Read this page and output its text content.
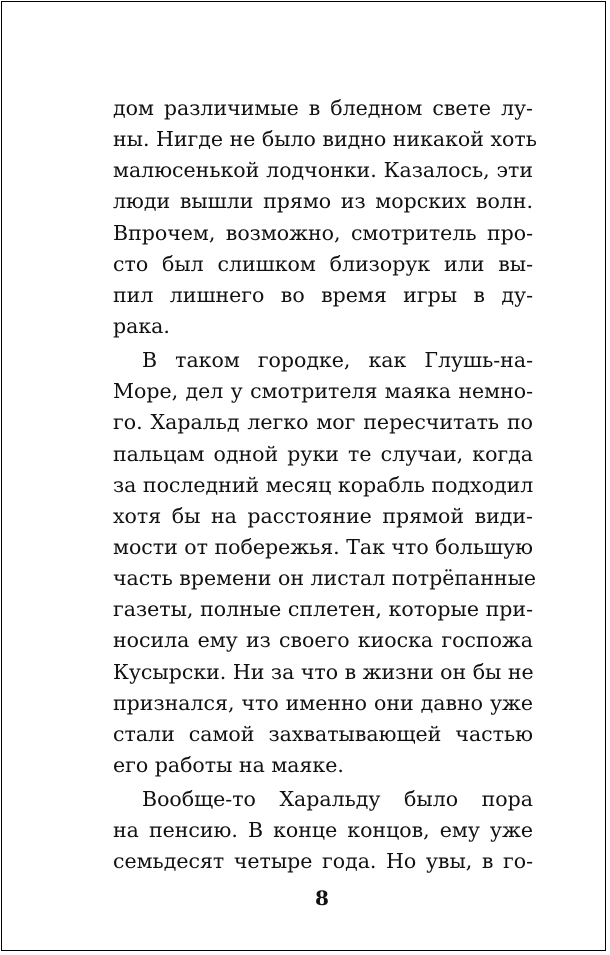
дом различимые в бледном свете лу-
ны. Нигде не было видно никакой хоть
малюсенькой лодчонки. Казалось, эти
люди вышли прямо из морских волн.
Впрочем, возможно, смотритель про-
сто был слишком близорук или вы-
пил лишнего во время игры в ду-
рака.
В таком городке, как Глушь-на-
Море, дел у смотрителя маяка немно-
го. Харальд легко мог пересчитать по
пальцам одной руки те случаи, когда
за последний месяц корабль подходил
хотя бы на расстояние прямой види-
мости от побережья. Так что большую
часть времени он листал потрёпанные
газеты, полные сплетен, которые при-
носила ему из своего киоска госпожа
Кусырски. Ни за что в жизни он бы не
признался, что именно они давно уже
стали самой захватывающей частью
его работы на маяке.
Вообще-то Харальду было пора
на пенсию. В конце концов, ему уже
семьдесят четыре года. Но увы, в го-
8
